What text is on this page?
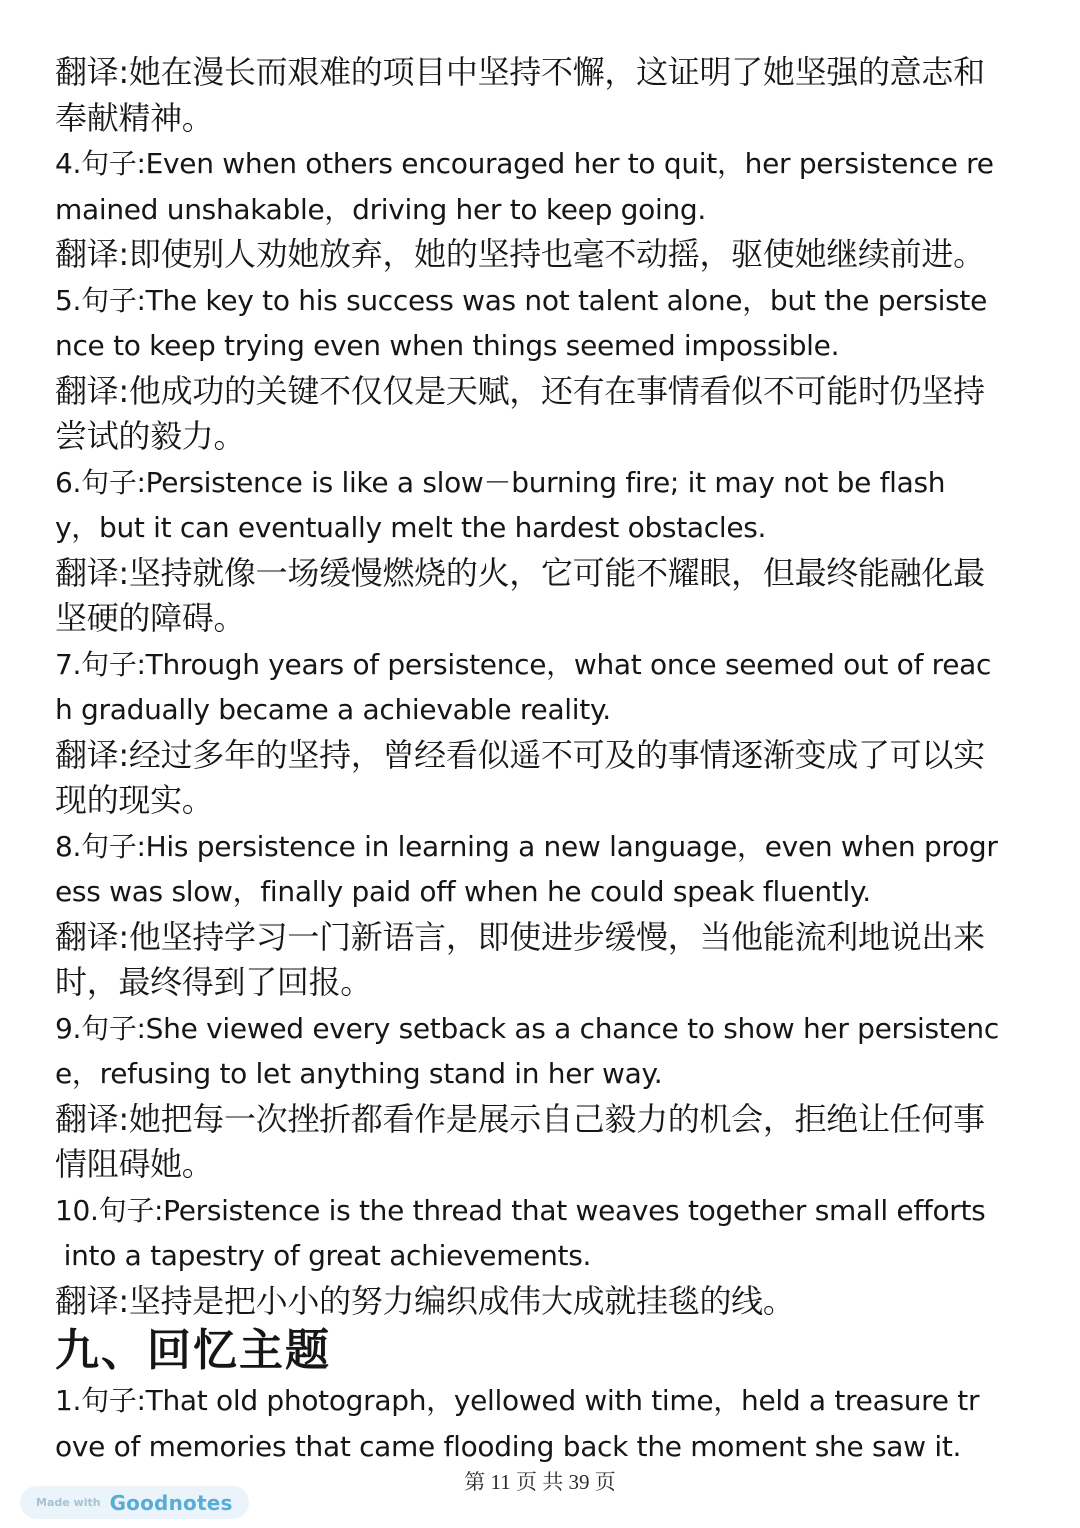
翻译:她在漫长而艰难的项目中坚持不懈，这证明了她坚强的意志和
奉献精神。
4.句子:Even when others encouraged her to quit，her persistence re
mained unshakable，driving her to keep going.
翻译:即使别人劝她放弃，她的坚持也毫不动摇，驱使她继续前进。
5.句子:The key to his success was not talent alone，but the persiste
nce to keep trying even when things seemed impossible.
翻译:他成功的关键不仅仅是天赋，还有在事情看似不可能时仍坚持
尝试的毅力。
6.句子:Persistence is like a slow－burning fire; it may not be flash
y，but it can eventually melt the hardest obstacles.
翻译:坚持就像一场缓慢燃烧的火，它可能不耀眼，但最终能融化最
坚硬的障碍。
7.句子:Through years of persistence，what once seemed out of reac
h gradually became a achievable reality.
翻译:经过多年的坚持，曾经看似遥不可及的事情逐渐变成了可以实
现的现实。
8.句子:His persistence in learning a new language，even when progr
ess was slow，finally paid off when he could speak fluently.
翻译:他坚持学习一门新语言，即使进步缓慢，当他能流利地说出来
时，最终得到了回报。
9.句子:She viewed every setback as a chance to show her persistenc
e，refusing to let anything stand in her way.
翻译:她把每一次挫折都看作是展示自己毅力的机会，拒绝让任何事
情阻碍她。
10.句子:Persistence is the thread that weaves together small efforts
into a tapestry of great achievements.
翻译:坚持是把小小的努力编织成伟大成就挂毯的线。
九、回忆主题
1.句子:That old photograph，yellowed with time，held a treasure tr
ove of memories that came flooding back the moment she saw it.
第 11 页 共 39 页
Made with Goodnotes
